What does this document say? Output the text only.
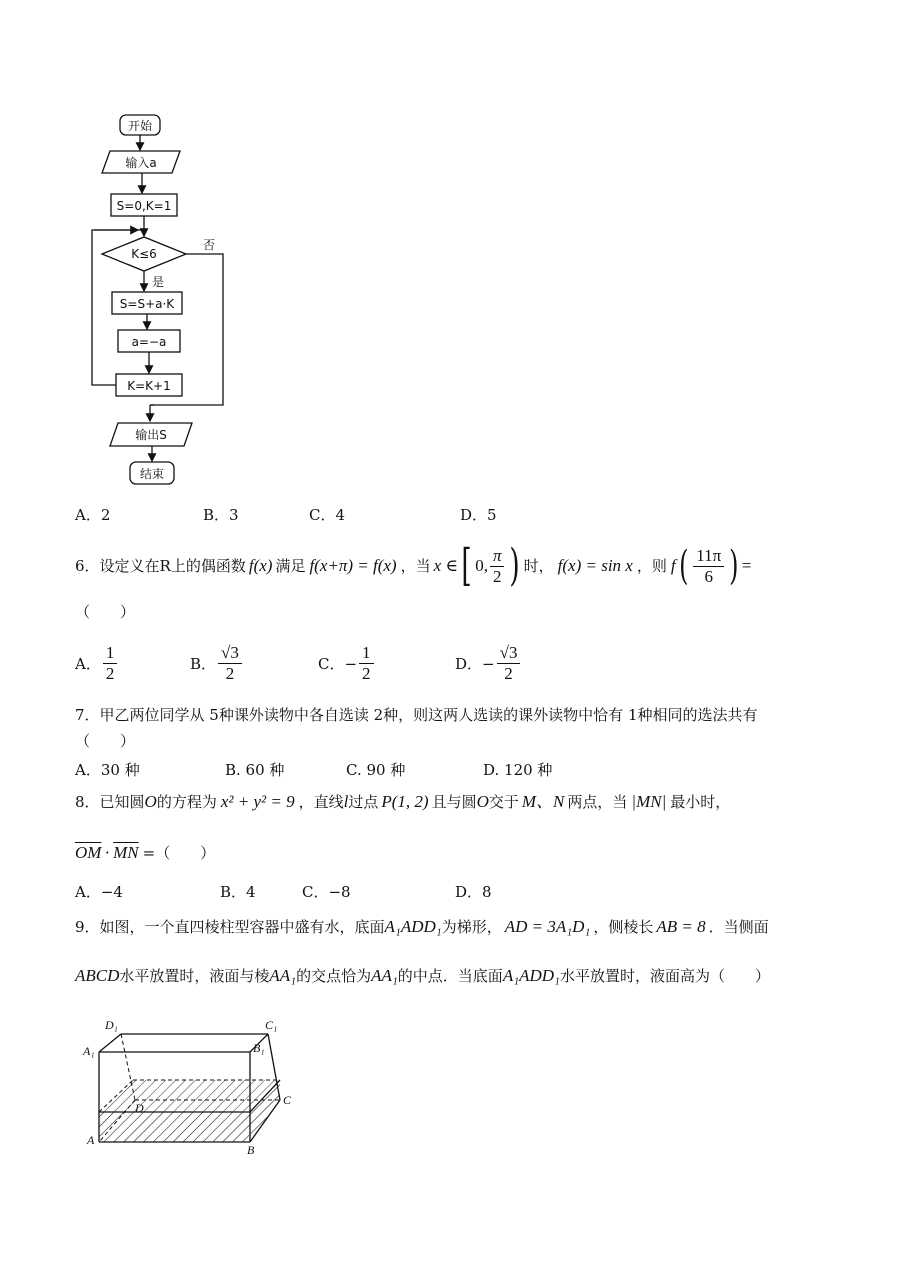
开始
输入a
S=0,K=1
K≤6
是
否
S=S+a·K
a=−a
K=K+1
输出S
结束
A．2	B．3	C．4	D．5
6． 设定义在R上的偶函数 f(x) 满足 f(x+π) = f(x) ，当 x ∈ [ 0, $\frac{\pi}{2}$ ) 时， f(x) = sin x ，则 f ( $\frac{11\pi}{6}$ ) =
（　　）
A． $\frac{1}{2}$	B． $\frac{√3}{2}$	C．− $\frac{1}{2}$	D．− $\frac{√3}{2}$
7．甲乙两位同学从 5种课外读物中各自选读 2种，则这两人选读的课外读物中恰有 1种相同的选法共有
（　　）
A．30 种	B. 60 种	C. 90 种	D. 120 种
8．已知圆 O 的方程为 x² + y² = 9 ，直线 l 过点 P(1, 2) 且与圆 O 交于 M、N 两点，当 |MN| 最小时，
$\overline{OM} \cdot \overline{MN}$ =（　　）
A．−4	B．4	C．−8	D．8
9．如图，一个直四棱柱型容器中盛有水，底面 A₁ADD₁ 为梯形， AD = 3A₁D₁ ，侧棱长 AB = 8 ．当侧面
ABCD 水平放置时，液面与棱 AA₁ 的交点恰为 AA₁ 的中点．当底面 A₁ADD₁ 水平放置时，液面高为（　　）
D₁	C₁
A₁	B₁
C
D
A
B
